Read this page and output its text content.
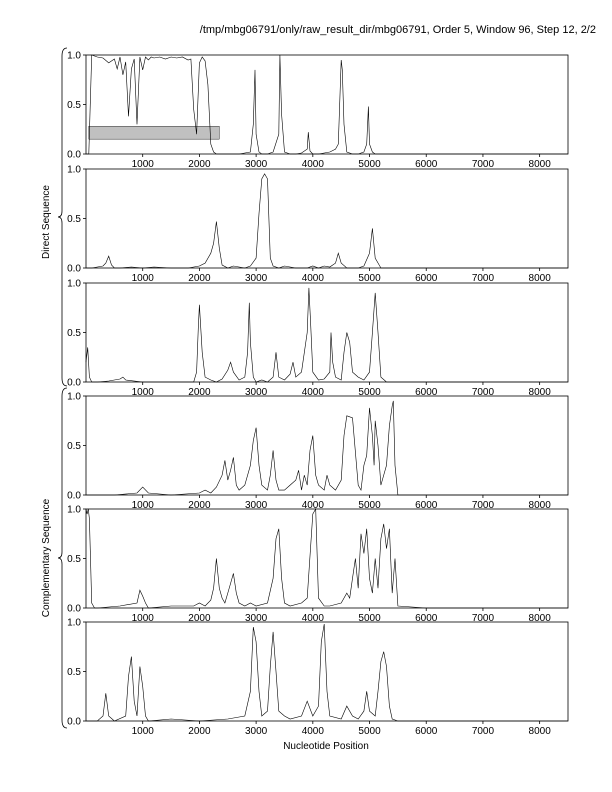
/tmp/mbg06791/only/raw_result_dir/mbg06791, Order 5, Window 96, Step 12, 2/2
0.0
0.5
1.0
1000	2000	3000	4000	5000	6000	7000	8000
0.0
0.5
1.0
1000	2000	3000	4000	5000	6000	7000	8000
0.0
0.5
1.0
1000	2000	3000	4000	5000	6000	7000	8000
0.0
0.5
1.0
1000	2000	3000	4000	5000	6000	7000	8000
0.0
0.5
1.0
1000	2000	3000	4000	5000	6000	7000	8000
0.0
0.5
1.0
1000	2000	3000	4000	5000	6000	7000	8000
Direct Sequence
Complementary Sequence
Nucleotide Position
